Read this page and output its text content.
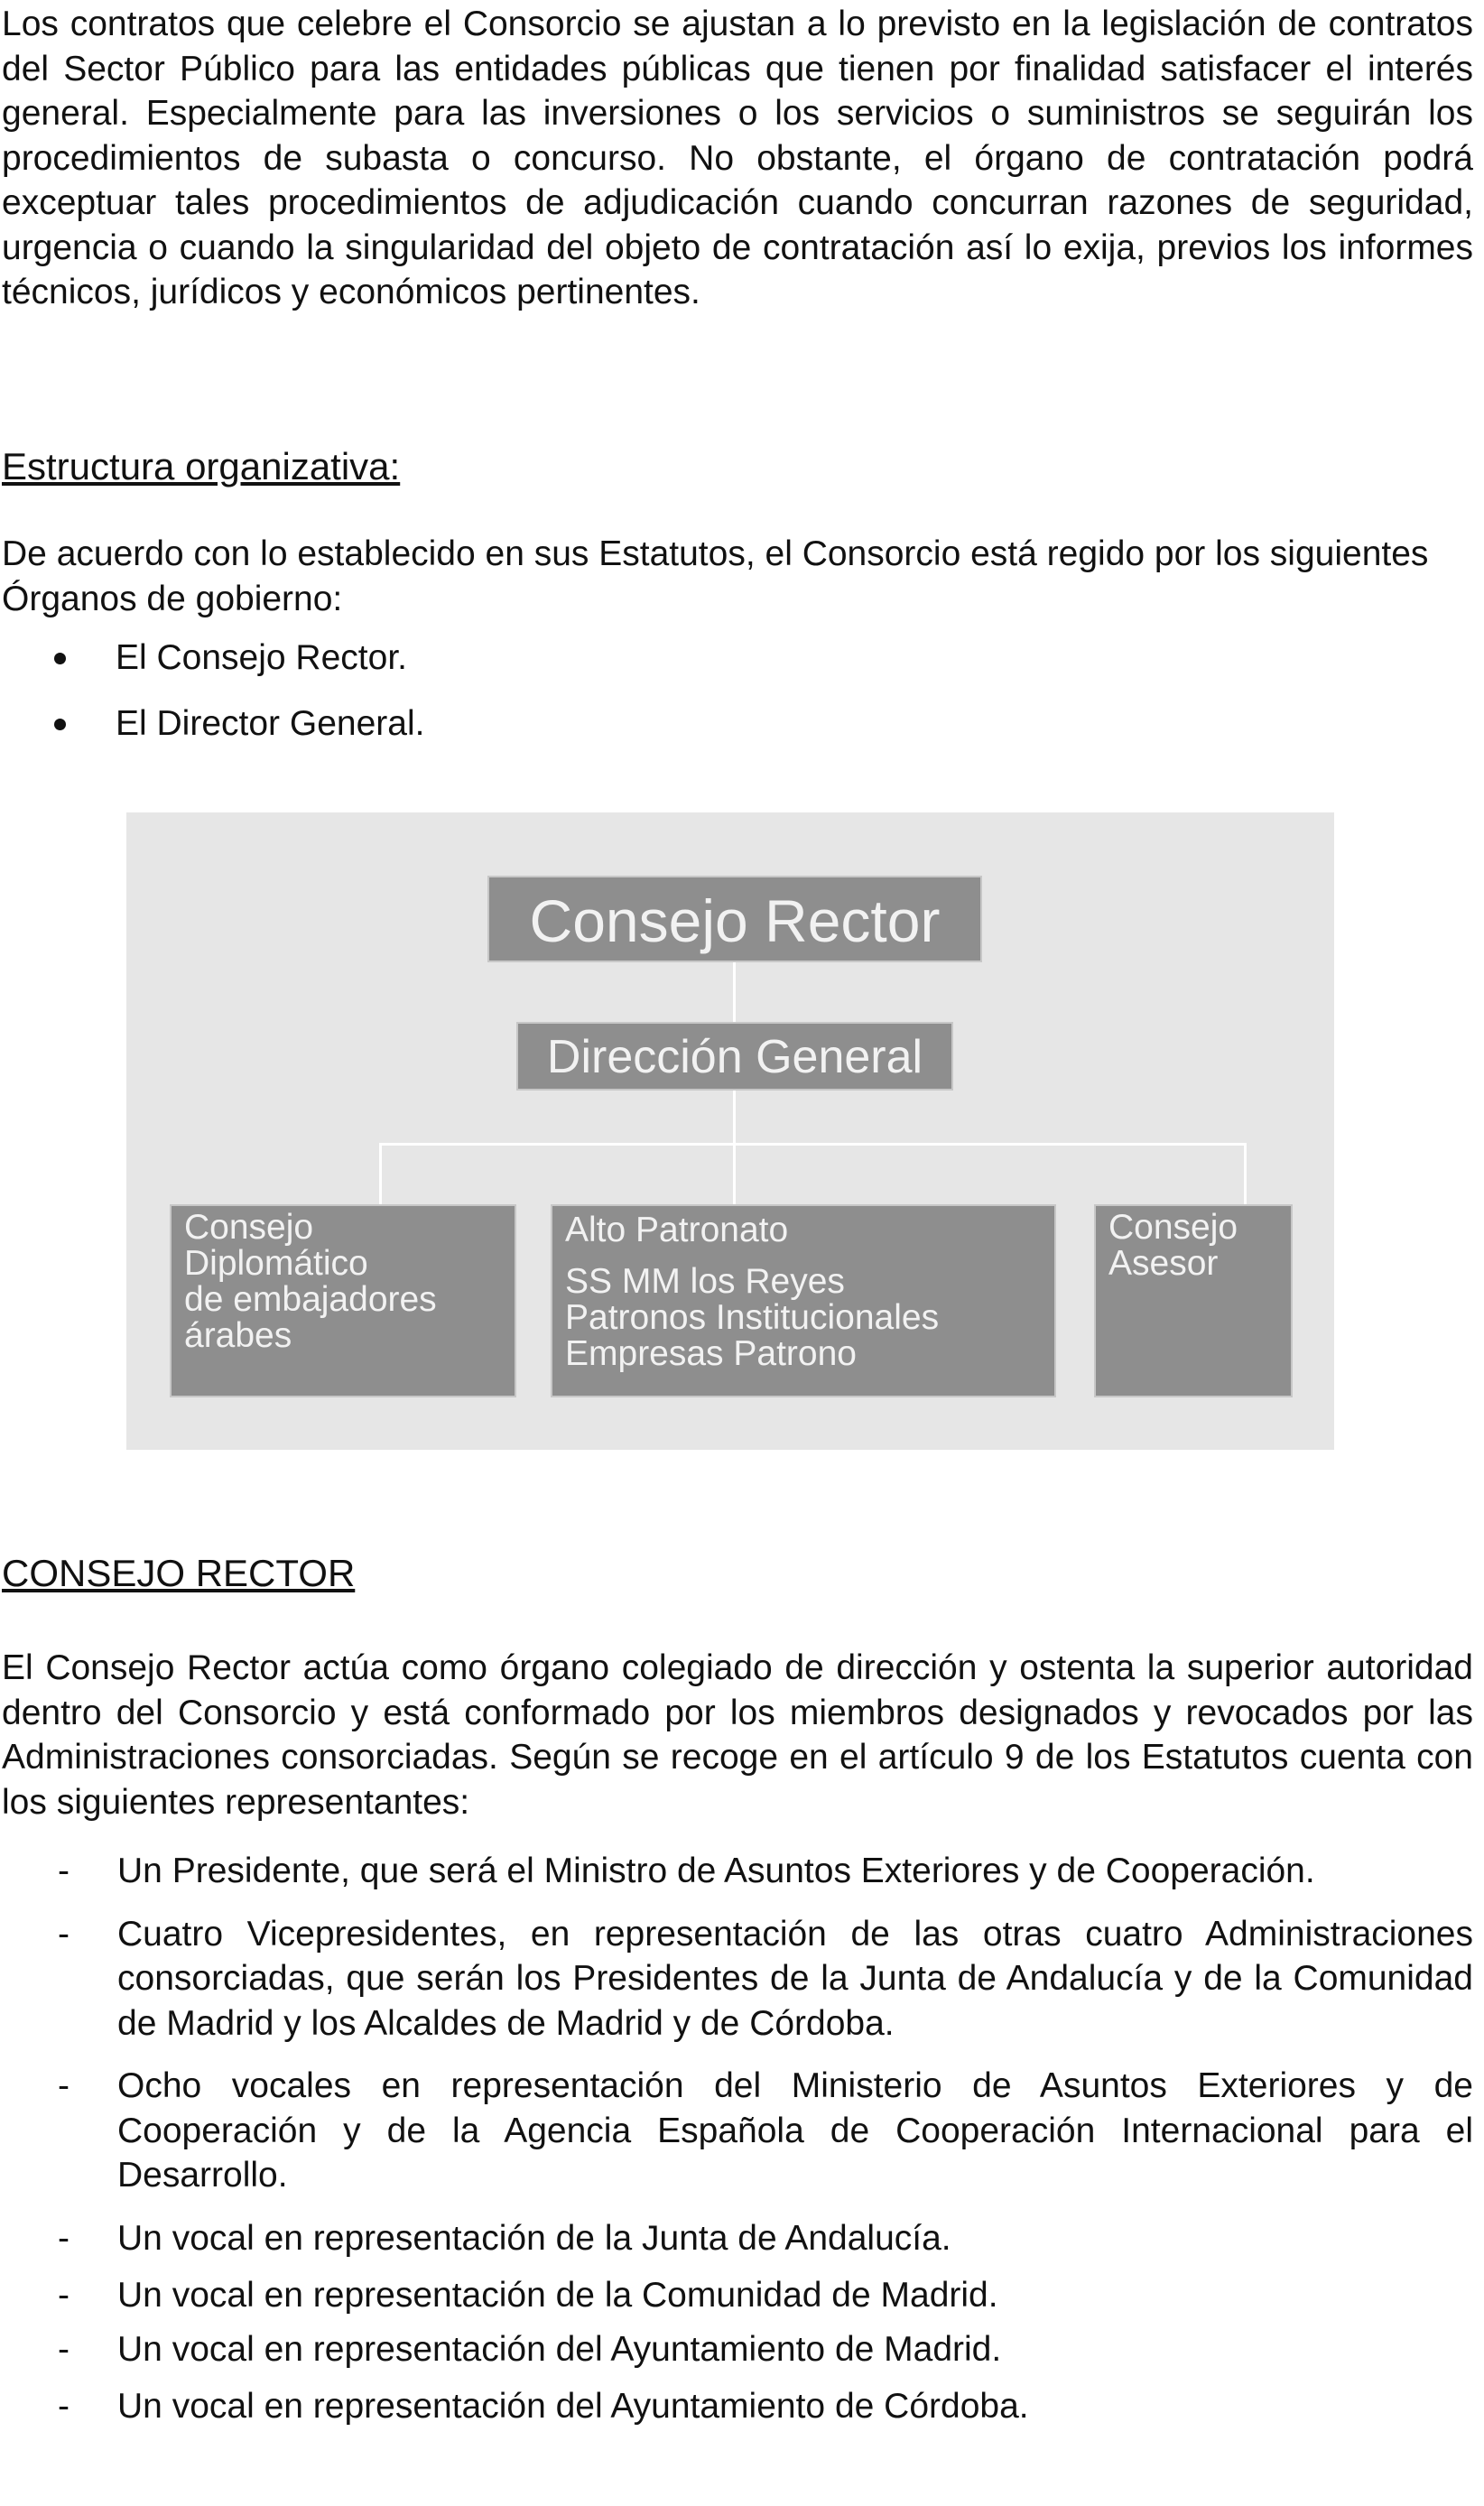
Los contratos que celebre el Consorcio se ajustan a lo previsto en la legislación de contratos del Sector Público para las entidades públicas que tienen por finalidad satisfacer el interés general. Especialmente para las inversiones o los servicios o suministros se seguirán los procedimientos de subasta o concurso. No obstante, el órgano de contratación podrá exceptuar tales procedimientos de adjudicación cuando concurran razones de seguridad, urgencia o cuando la singularidad del objeto de contratación así lo exija, previos los informes técnicos, jurídicos y económicos pertinentes.

Estructura organizativa:

De acuerdo con lo establecido en sus Estatutos, el Consorcio está regido por los siguientes Órganos de gobierno:

El Consejo Rector.
El Director General.
Consejo Rector
Dirección General
Consejo
Diplomático
de embajadores
árabes
Alto Patronato
SS MM los Reyes
Patronos Institucionales
Empresas Patrono
Consejo
Asesor
CONSEJO RECTOR

El Consejo Rector actúa como órgano colegiado de dirección y ostenta la superior autoridad dentro del Consorcio y está conformado por los miembros designados y revocados por las Administraciones consorciadas. Según se recoge en el artículo 9 de los Estatutos cuenta con los siguientes representantes:

- Un Presidente, que será el Ministro de Asuntos Exteriores y de Cooperación.
- Cuatro Vicepresidentes, en representación de las otras cuatro Administraciones consorciadas, que serán los Presidentes de la Junta de Andalucía y de la Comunidad de Madrid y los Alcaldes de Madrid y de Córdoba.
- Ocho vocales en representación del Ministerio de Asuntos Exteriores y de Cooperación y de la Agencia Española de Cooperación Internacional para el Desarrollo.
- Un vocal en representación de la Junta de Andalucía.
- Un vocal en representación de la Comunidad de Madrid.
- Un vocal en representación del Ayuntamiento de Madrid.
- Un vocal en representación del Ayuntamiento de Córdoba.
